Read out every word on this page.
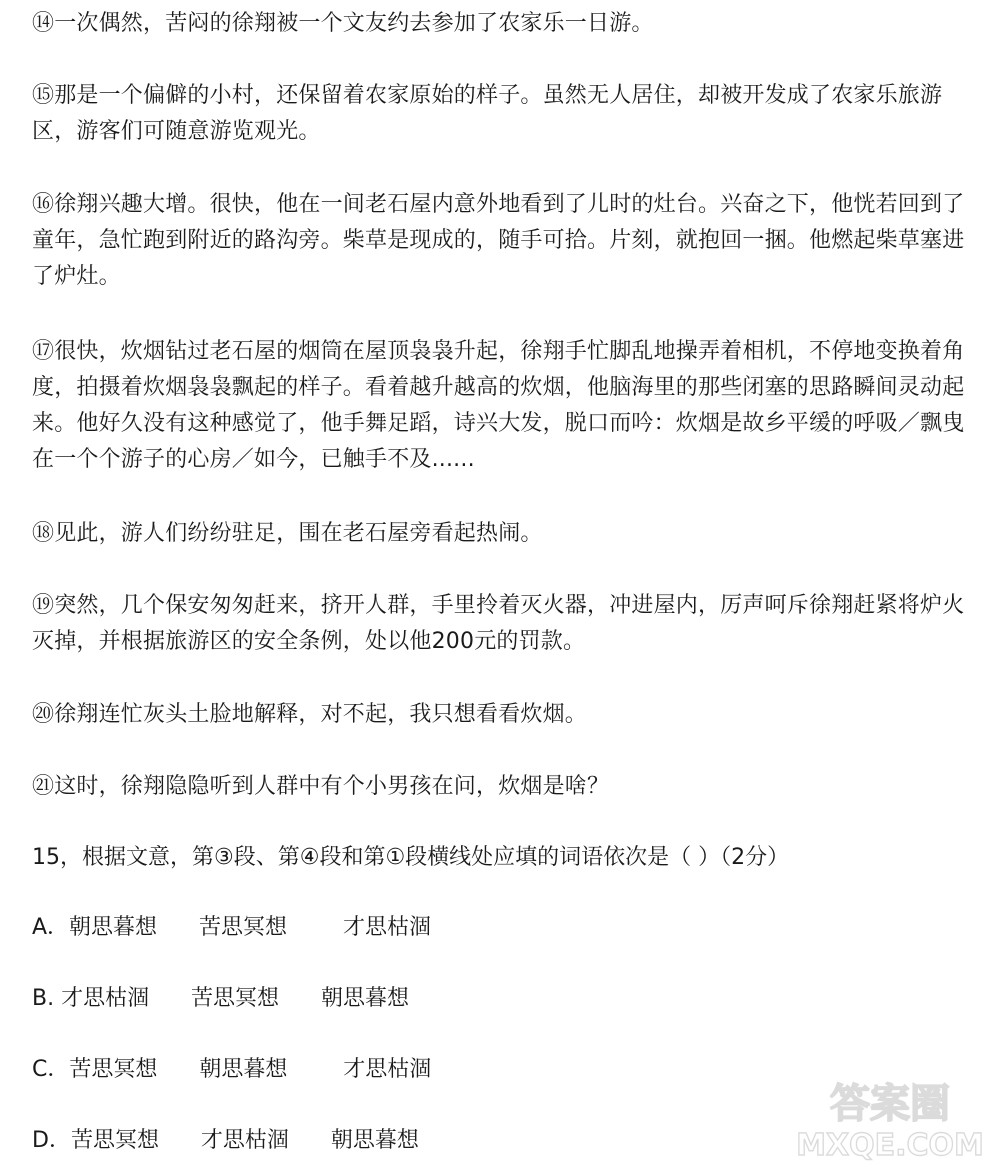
⑭一次偶然，苦闷的徐翔被一个文友约去参加了农家乐一日游。

⑮那是一个偏僻的小村，还保留着农家原始的样子。虽然无人居住，却被开发成了农家乐旅游区，游客们可随意游览观光。

⑯徐翔兴趣大增。很快，他在一间老石屋内意外地看到了儿时的灶台。兴奋之下，他恍若回到了童年，急忙跑到附近的路沟旁。柴草是现成的，随手可拾。片刻，就抱回一捆。他燃起柴草塞进了炉灶。

⑰很快，炊烟钻过老石屋的烟筒在屋顶袅袅升起，徐翔手忙脚乱地操弄着相机，不停地变换着角度，拍摄着炊烟袅袅飘起的样子。看着越升越高的炊烟，他脑海里的那些闭塞的思路瞬间灵动起来。他好久没有这种感觉了，他手舞足蹈，诗兴大发，脱口而吟：炊烟是故乡平缓的呼吸／飘曳在一个个游子的心房／如今，已触手不及......

⑱见此，游人们纷纷驻足，围在老石屋旁看起热闹。

⑲突然，几个保安匆匆赶来，挤开人群，手里拎着灭火器，冲进屋内，厉声呵斥徐翔赶紧将炉火灭掉，并根据旅游区的安全条例，处以他200元的罚款。

⑳徐翔连忙灰头土脸地解释，对不起，我只想看看炊烟。

㉑这时，徐翔隐隐听到人群中有个小男孩在问，炊烟是啥？

15，根据文意，第③段、第④段和第①段横线处应填的词语依次是（ ）（2分）

A．朝思暮想      苦思冥想        才思枯涸

B. 才思枯涸      苦思冥想      朝思暮想

C．苦思冥想      朝思暮想        才思枯涸

D．苦思冥想      才思枯涸      朝思暮想

答案圈
MXQE.COM
